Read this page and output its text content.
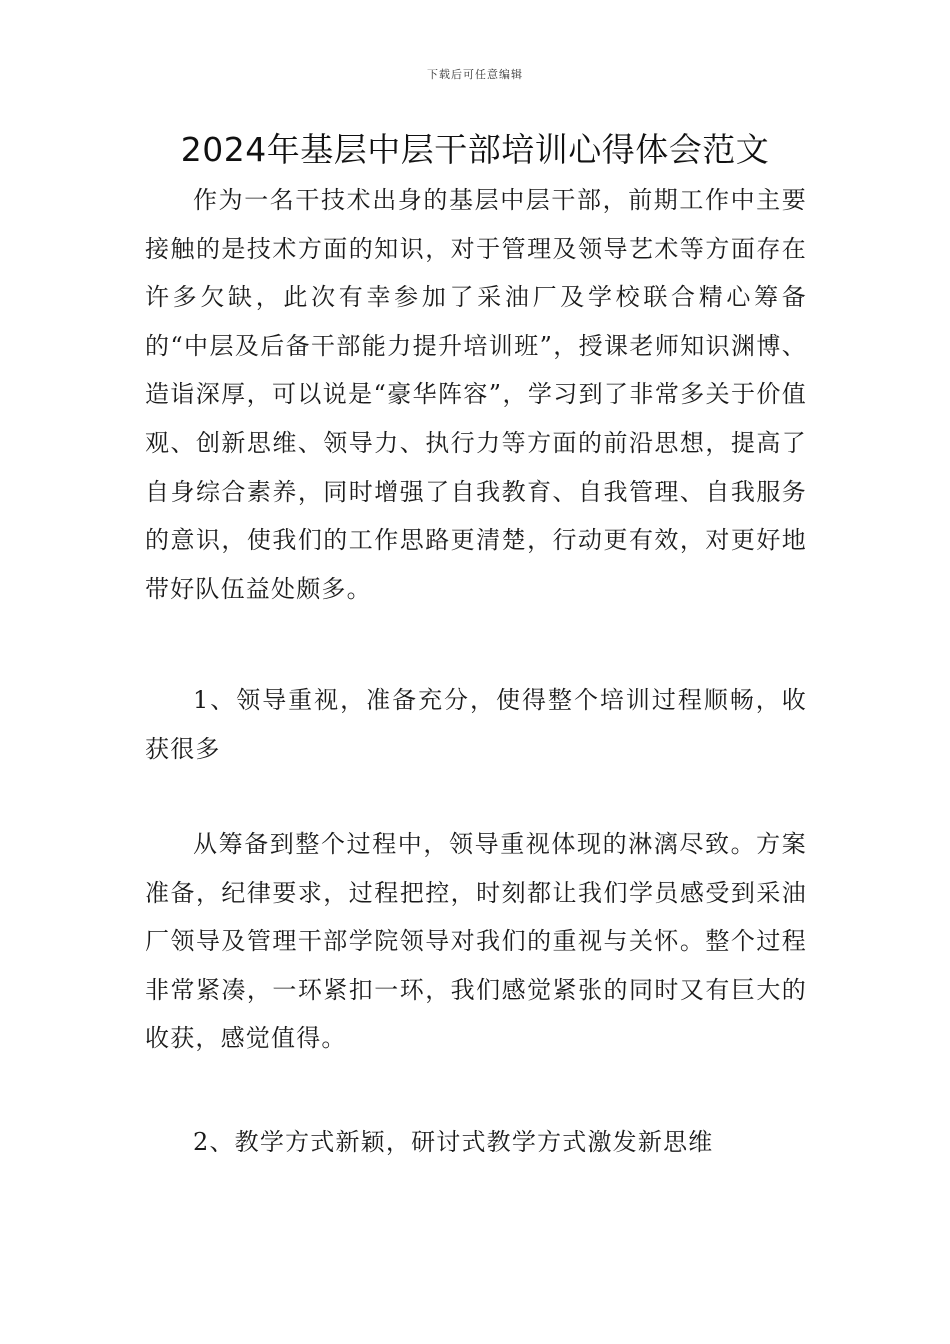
下载后可任意编辑
2024年基层中层干部培训心得体会范文

作为一名干技术出身的基层中层干部，前期工作中主要接触的是技术方面的知识，对于管理及领导艺术等方面存在许多欠缺，此次有幸参加了采油厂及学校联合精心筹备的“中层及后备干部能力提升培训班”，授课老师知识渊博、造诣深厚，可以说是“豪华阵容”，学习到了非常多关于价值观、创新思维、领导力、执行力等方面的前沿思想，提高了自身综合素养，同时增强了自我教育、自我管理、自我服务的意识，使我们的工作思路更清楚，行动更有效，对更好地带好队伍益处颇多。

1、领导重视，准备充分，使得整个培训过程顺畅，收获很多

从筹备到整个过程中，领导重视体现的淋漓尽致。方案准备，纪律要求，过程把控，时刻都让我们学员感受到采油厂领导及管理干部学院领导对我们的重视与关怀。整个过程非常紧凑，一环紧扣一环，我们感觉紧张的同时又有巨大的收获，感觉值得。

2、教学方式新颖，研讨式教学方式激发新思维
